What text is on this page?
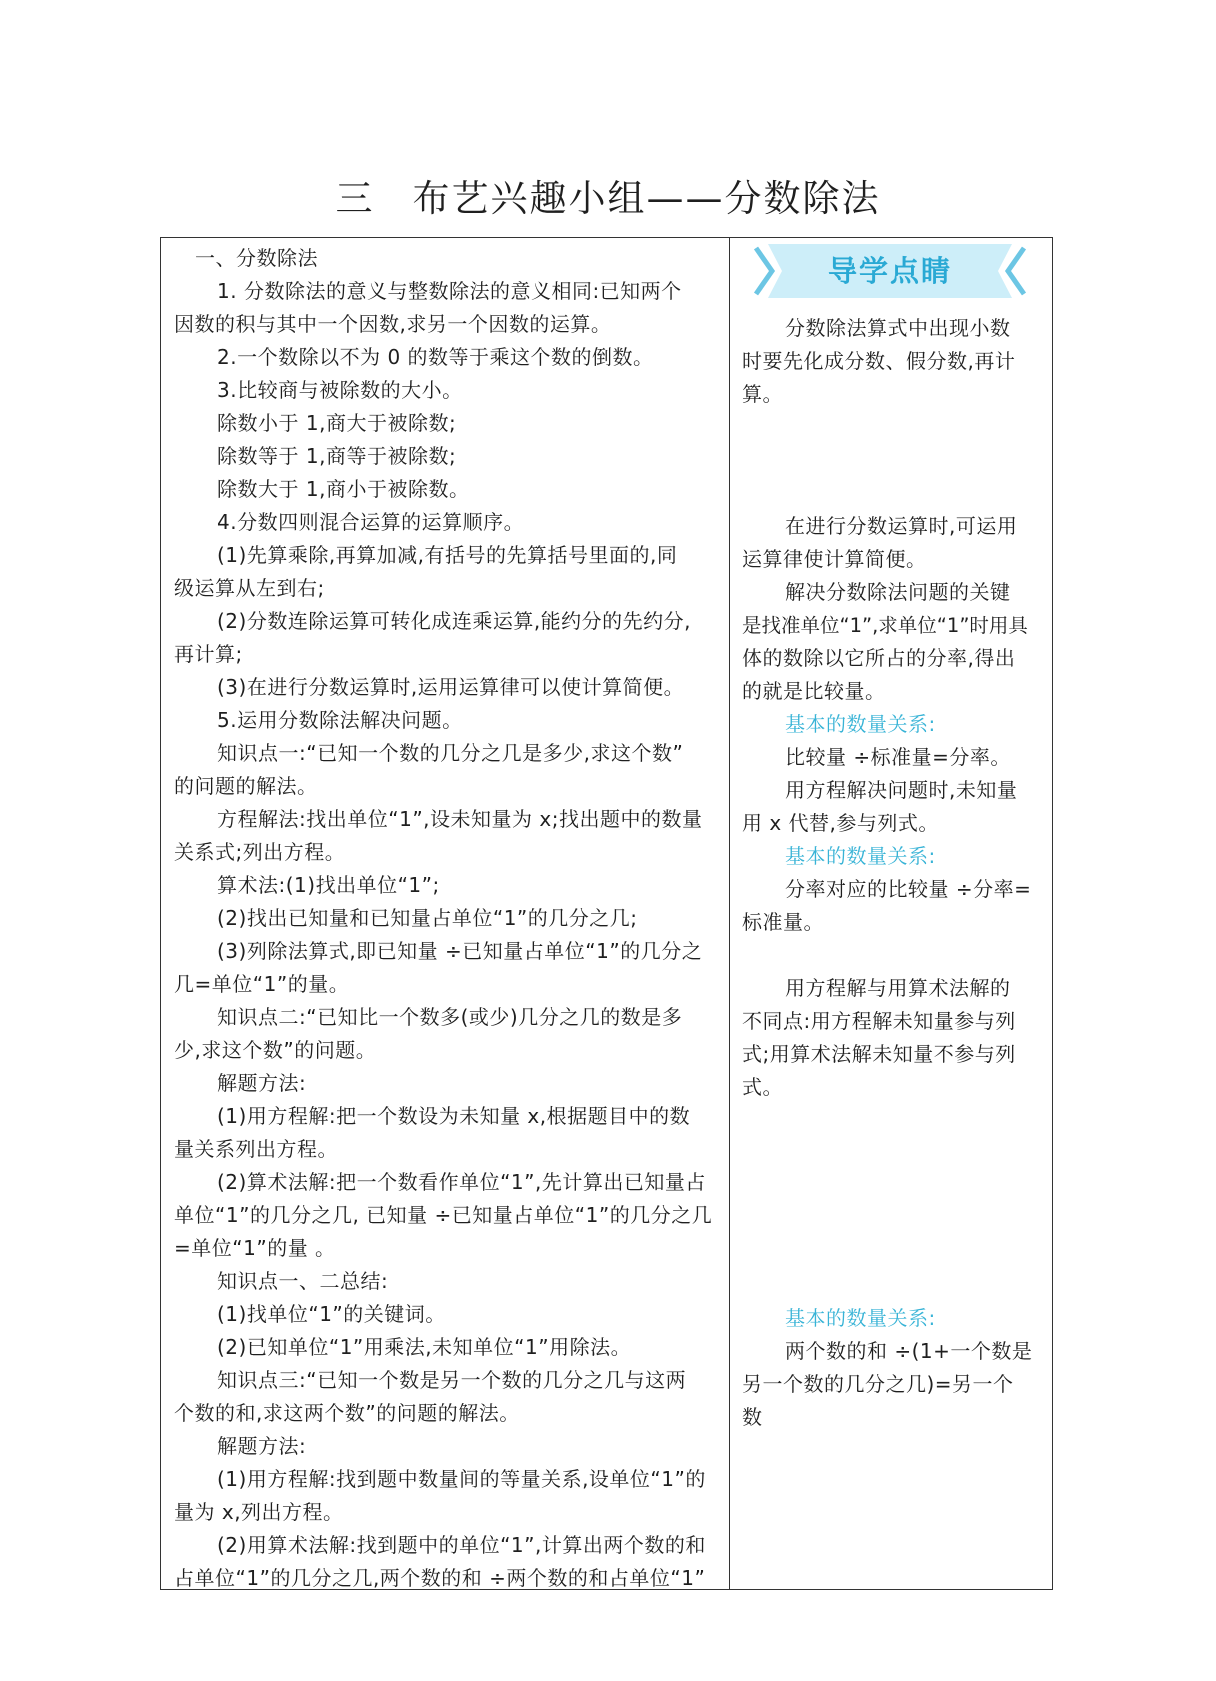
三 布艺兴趣小组——分数除法
一、分数除法
1. 分数除法的意义与整数除法的意义相同:已知两个
因数的积与其中一个因数,求另一个因数的运算。
2.一个数除以不为 0 的数等于乘这个数的倒数。
3.比较商与被除数的大小。
除数小于 1,商大于被除数;
除数等于 1,商等于被除数;
除数大于 1,商小于被除数。
4.分数四则混合运算的运算顺序。
(1)先算乘除,再算加减,有括号的先算括号里面的,同
级运算从左到右;
(2)分数连除运算可转化成连乘运算,能约分的先约分,
再计算;
(3)在进行分数运算时,运用运算律可以使计算简便。
5.运用分数除法解决问题。
知识点一:“已知一个数的几分之几是多少,求这个数”
的问题的解法。
方程解法:找出单位“1”,设未知量为 x;找出题中的数量
关系式;列出方程。
算术法:(1)找出单位“1”;
(2)找出已知量和已知量占单位“1”的几分之几;
(3)列除法算式,即已知量 ÷已知量占单位“1”的几分之
几=单位“1”的量。
知识点二:“已知比一个数多(或少)几分之几的数是多
少,求这个数”的问题。
解题方法:
(1)用方程解:把一个数设为未知量 x,根据题目中的数
量关系列出方程。
(2)算术法解:把一个数看作单位“1”,先计算出已知量占
单位“1”的几分之几, 已知量 ÷已知量占单位“1”的几分之几
=单位“1”的量 。
知识点一、二总结:
(1)找单位“1”的关键词。
(2)已知单位“1”用乘法,未知单位“1”用除法。
知识点三:“已知一个数是另一个数的几分之几与这两
个数的和,求这两个数”的问题的解法。
解题方法:
(1)用方程解:找到题中数量间的等量关系,设单位“1”的
量为 x,列出方程。
(2)用算术法解:找到题中的单位“1”,计算出两个数的和
占单位“1”的几分之几,两个数的和 ÷两个数的和占单位“1”
导学点睛
分数除法算式中出现小数
时要先化成分数、假分数,再计
算。
在进行分数运算时,可运用
运算律使计算简便。
解决分数除法问题的关键
是找准单位“1”,求单位“1”时用具
体的数除以它所占的分率,得出
的就是比较量。
基本的数量关系:
比较量 ÷标准量=分率。
用方程解决问题时,未知量
用 x 代替,参与列式。
基本的数量关系:
分率对应的比较量 ÷分率=
标准量。
用方程解与用算术法解的
不同点:用方程解未知量参与列
式;用算术法解未知量不参与列
式。
基本的数量关系:
两个数的和 ÷(1+一个数是
另一个数的几分之几)=另一个
数
